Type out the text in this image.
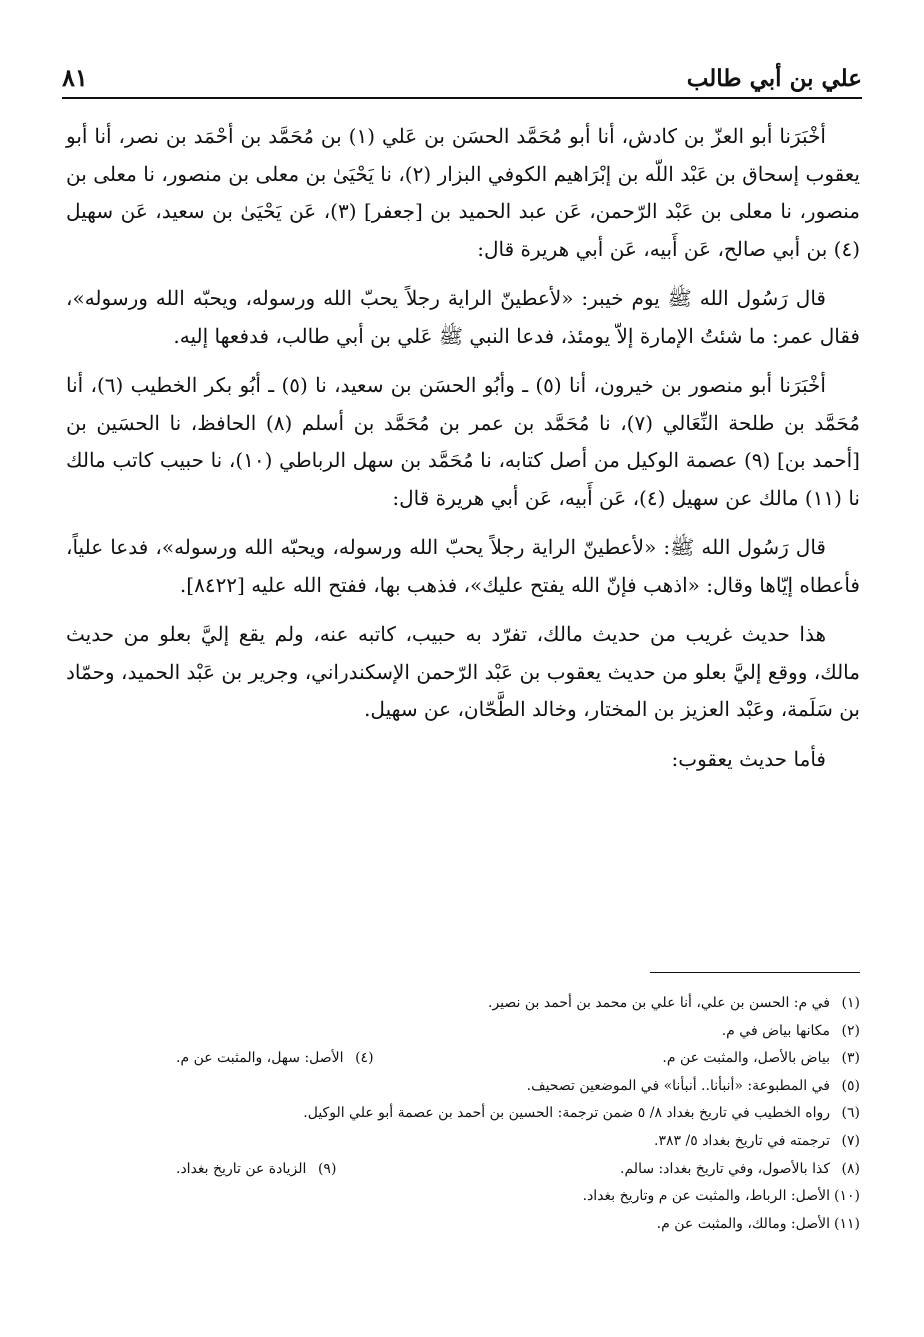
علي بن أبي طالب
٨١

أخْبَرَنا أبو العزّ بن كادش، أنا أبو مُحَمَّد الحسَن بن عَلي (١) بن مُحَمَّد بن أحْمَد بن نصر، أنا أبو يعقوب إسحاق بن عَبْد اللّه بن إبْرَاهيم الكوفي البزار (٢)، نا يَحْيَىٰ بن معلى بن منصور، نا معلى بن منصور، نا معلى بن عَبْد الرّحمن، عَن عبد الحميد بن [جعفر] (٣)، عَن يَحْيَىٰ بن سعيد، عَن سهيل (٤) بن أبي صالح، عَن أَبيه، عَن أبي هريرة قال:

قال رَسُول الله ﷺ يوم خيبر: «لأعطينّ الراية رجلاً يحبّ الله ورسوله، ويحبّه الله ورسوله»، فقال عمر: ما شئتُ الإمارة إلاّ يومئذ، فدعا النبي ﷺ عَلي بن أبي طالب، فدفعها إليه.

أخْبَرَنا أبو منصور بن خيرون، أنا (٥) ـ وأبُو الحسَن بن سعيد، نا (٥) ـ أبُو بكر الخطيب (٦)، أنا مُحَمَّد بن طلحة النِّعَالي (٧)، نا مُحَمَّد بن عمر بن مُحَمَّد بن أسلم (٨) الحافظ، نا الحسَين بن [أحمد بن] (٩) عصمة الوكيل من أصل كتابه، نا مُحَمَّد بن سهل الرباطي (١٠)، نا حبيب كاتب مالك نا (١١) مالك عن سهيل (٤)، عَن أَبيه، عَن أبي هريرة قال:

قال رَسُول الله ﷺ: «لأعطينّ الراية رجلاً يحبّ الله ورسوله، ويحبّه الله ورسوله»، فدعا علياً، فأعطاه إيّاها وقال: «اذهب فإنّ الله يفتح عليك»، فذهب بها، ففتح الله عليه [٨٤٢٢].

هذا حديث غريب من حديث مالك، تفرّد به حبيب، كاتبه عنه، ولم يقع إليَّ بعلو من حديث مالك، ووقع إليَّ بعلو من حديث يعقوب بن عَبْد الرّحمن الإسكندراني، وجرير بن عَبْد الحميد، وحمّاد بن سَلَمة، وعَبْد العزيز بن المختار، وخالد الطَّحّان، عن سهيل.

فأما حديث يعقوب:

(١)في م: الحسن بن علي، أنا علي بن محمد بن أحمد بن نصير.
(٢)مكانها بياض في م.
(٣)بياض بالأصل، والمثبت عن م.
(٤)الأصل: سهل، والمثبت عن م.
(٥)في المطبوعة: «أنبأنا.. أنبأنا» في الموضعين تصحيف.
(٦)رواه الخطيب في تاريخ بغداد ٨/ ٥ ضمن ترجمة: الحسين بن أحمد بن عصمة أبو علي الوكيل.
(٧)ترجمته في تاريخ بغداد ٥/ ٣٨٣.
(٨)كذا بالأصول، وفي تاريخ بغداد: سالم.
(٩)الزيادة عن تاريخ بغداد.
(١٠)الأصل: الرباط، والمثبت عن م وتاريخ بغداد.
(١١)الأصل: ومالك، والمثبت عن م.
